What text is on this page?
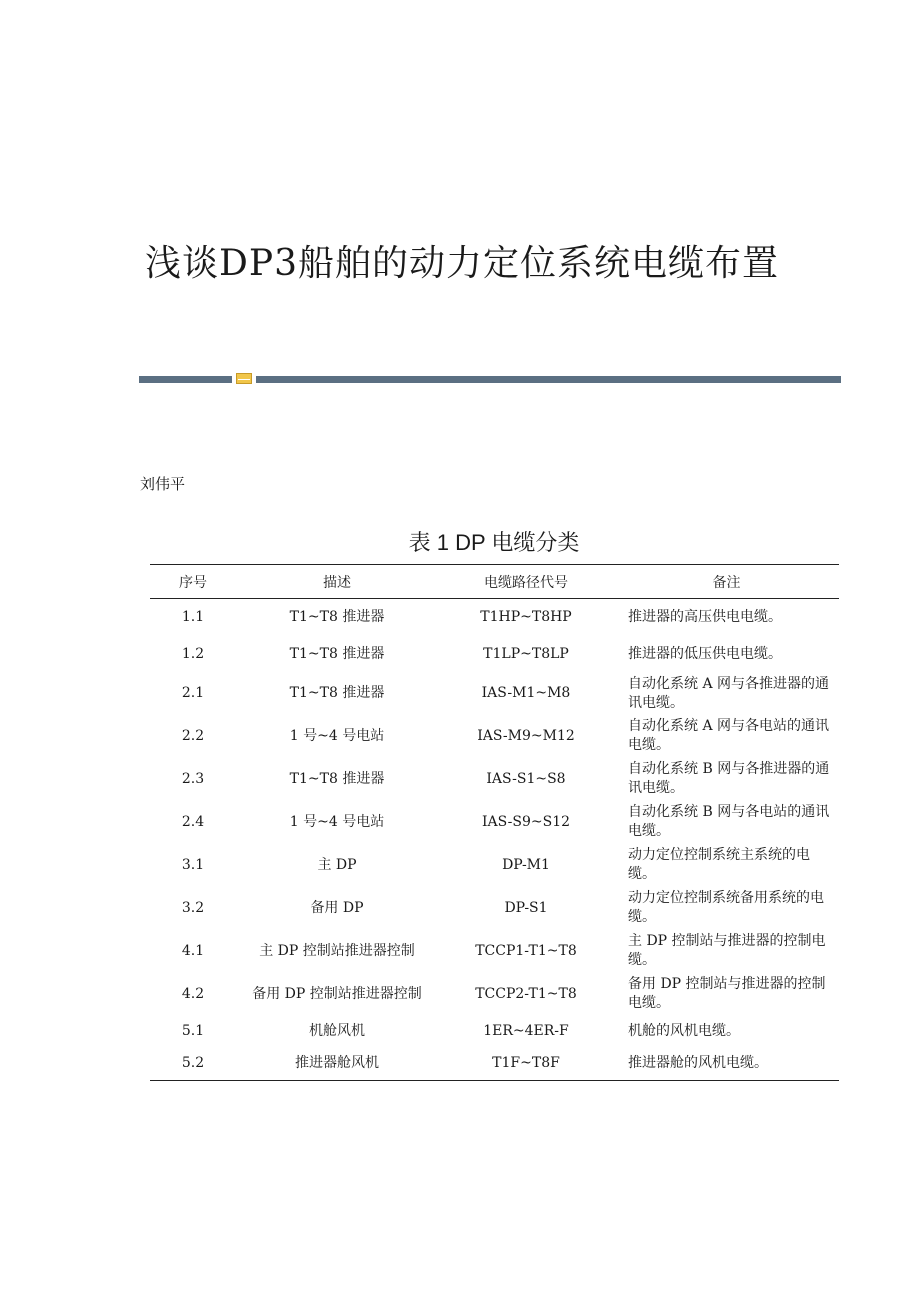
浅谈DP3船舶的动力定位系统电缆布置
刘伟平
表 1 DP 电缆分类
序号	描述	电缆路径代号	备注
1.1	T1~T8 推进器	T1HP~T8HP	推进器的高压供电电缆。
1.2	T1~T8 推进器	T1LP~T8LP	推进器的低压供电电缆。
2.1	T1~T8 推进器	IAS-M1~M8	自动化系统 A 网与各推进器的通讯电缆。
2.2	1 号~4 号电站	IAS-M9~M12	自动化系统 A 网与各电站的通讯电缆。
2.3	T1~T8 推进器	IAS-S1~S8	自动化系统 B 网与各推进器的通讯电缆。
2.4	1 号~4 号电站	IAS-S9~S12	自动化系统 B 网与各电站的通讯电缆。
3.1	主 DP	DP-M1	动力定位控制系统主系统的电缆。
3.2	备用 DP	DP-S1	动力定位控制系统备用系统的电缆。
4.1	主 DP 控制站推进器控制	TCCP1-T1~T8	主 DP 控制站与推进器的控制电缆。
4.2	备用 DP 控制站推进器控制	TCCP2-T1~T8	备用 DP 控制站与推进器的控制电缆。
5.1	机舱风机	1ER~4ER-F	机舱的风机电缆。
5.2	推进器舱风机	T1F~T8F	推进器舱的风机电缆。
